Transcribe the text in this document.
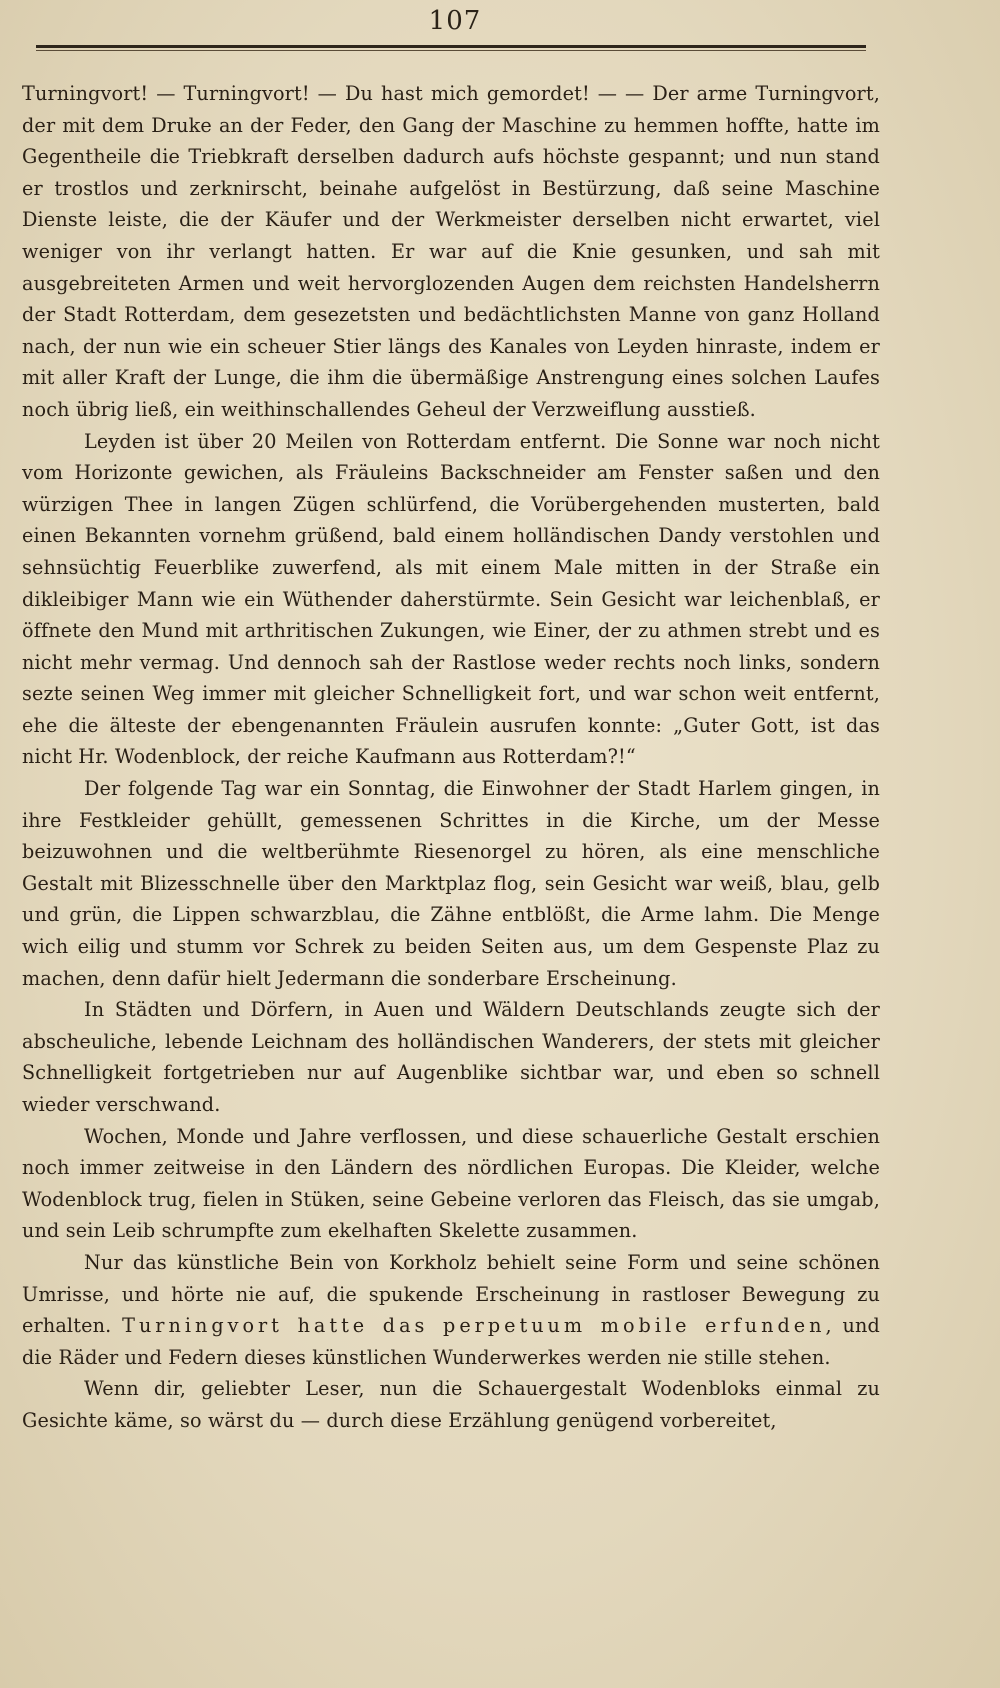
107

Turningvort! — Turningvort! — Du hast mich gemordet! — — Der arme Turningvort, der mit dem Druke an der Feder, den Gang der Maschine zu hemmen hoffte, hatte im Gegentheile die Triebkraft derselben dadurch aufs höchste gespannt; und nun stand er trostlos und zerknirscht, beinahe aufgelöst in Bestürzung, daß seine Maschine Dienste leiste, die der Käufer und der Werkmeister derselben nicht erwartet, viel weniger von ihr verlangt hatten. Er war auf die Knie gesunken, und sah mit ausgebreiteten Armen und weit hervorglozenden Augen dem reichsten Handelsherrn der Stadt Rotterdam, dem gesezetsten und bedächtlichsten Manne von ganz Holland nach, der nun wie ein scheuer Stier längs des Kanales von Leyden hinraste, indem er mit aller Kraft der Lunge, die ihm die übermäßige Anstrengung eines solchen Laufes noch übrig ließ, ein weithinschallendes Geheul der Verzweiflung ausstieß.

Leyden ist über 20 Meilen von Rotterdam entfernt. Die Sonne war noch nicht vom Horizonte gewichen, als Fräuleins Backschneider am Fenster saßen und den würzigen Thee in langen Zügen schlürfend, die Vorübergehenden musterten, bald einen Bekannten vornehm grüßend, bald einem holländischen Dandy verstohlen und sehnsüchtig Feuerblike zuwerfend, als mit einem Male mitten in der Straße ein dikleibiger Mann wie ein Wüthender daherstürmte. Sein Gesicht war leichenblaß, er öffnete den Mund mit arthritischen Zukungen, wie Einer, der zu athmen strebt und es nicht mehr vermag. Und dennoch sah der Rastlose weder rechts noch links, sondern sezte seinen Weg immer mit gleicher Schnelligkeit fort, und war schon weit entfernt, ehe die älteste der ebengenannten Fräulein ausrufen konnte: „Guter Gott, ist das nicht Hr. Wodenblock, der reiche Kaufmann aus Rotterdam?!“

Der folgende Tag war ein Sonntag, die Einwohner der Stadt Harlem gingen, in ihre Festkleider gehüllt, gemessenen Schrittes in die Kirche, um der Messe beizuwohnen und die weltberühmte Riesenorgel zu hören, als eine menschliche Gestalt mit Blizesschnelle über den Marktplaz flog, sein Gesicht war weiß, blau, gelb und grün, die Lippen schwarzblau, die Zähne entblößt, die Arme lahm. Die Menge wich eilig und stumm vor Schrek zu beiden Seiten aus, um dem Gespenste Plaz zu machen, denn dafür hielt Jedermann die sonderbare Erscheinung.

In Städten und Dörfern, in Auen und Wäldern Deutschlands zeugte sich der abscheuliche, lebende Leichnam des holländischen Wanderers, der stets mit gleicher Schnelligkeit fortgetrieben nur auf Augenblike sichtbar war, und eben so schnell wieder verschwand.

Wochen, Monde und Jahre verflossen, und diese schauerliche Gestalt erschien noch immer zeitweise in den Ländern des nördlichen Europas. Die Kleider, welche Wodenblock trug, fielen in Stüken, seine Gebeine verloren das Fleisch, das sie umgab, und sein Leib schrumpfte zum ekelhaften Skelette zusammen.

Nur das künstliche Bein von Korkholz behielt seine Form und seine schönen Umrisse, und hörte nie auf, die spukende Erscheinung in rastloser Bewegung zu erhalten. Turningvort hatte das perpetuum mobile erfunden, und die Räder und Federn dieses künstlichen Wunderwerkes werden nie stille stehen.

Wenn dir, geliebter Leser, nun die Schauergestalt Wodenbloks einmal zu Gesichte käme, so wärst du — durch diese Erzählung genügend vorbereitet,
